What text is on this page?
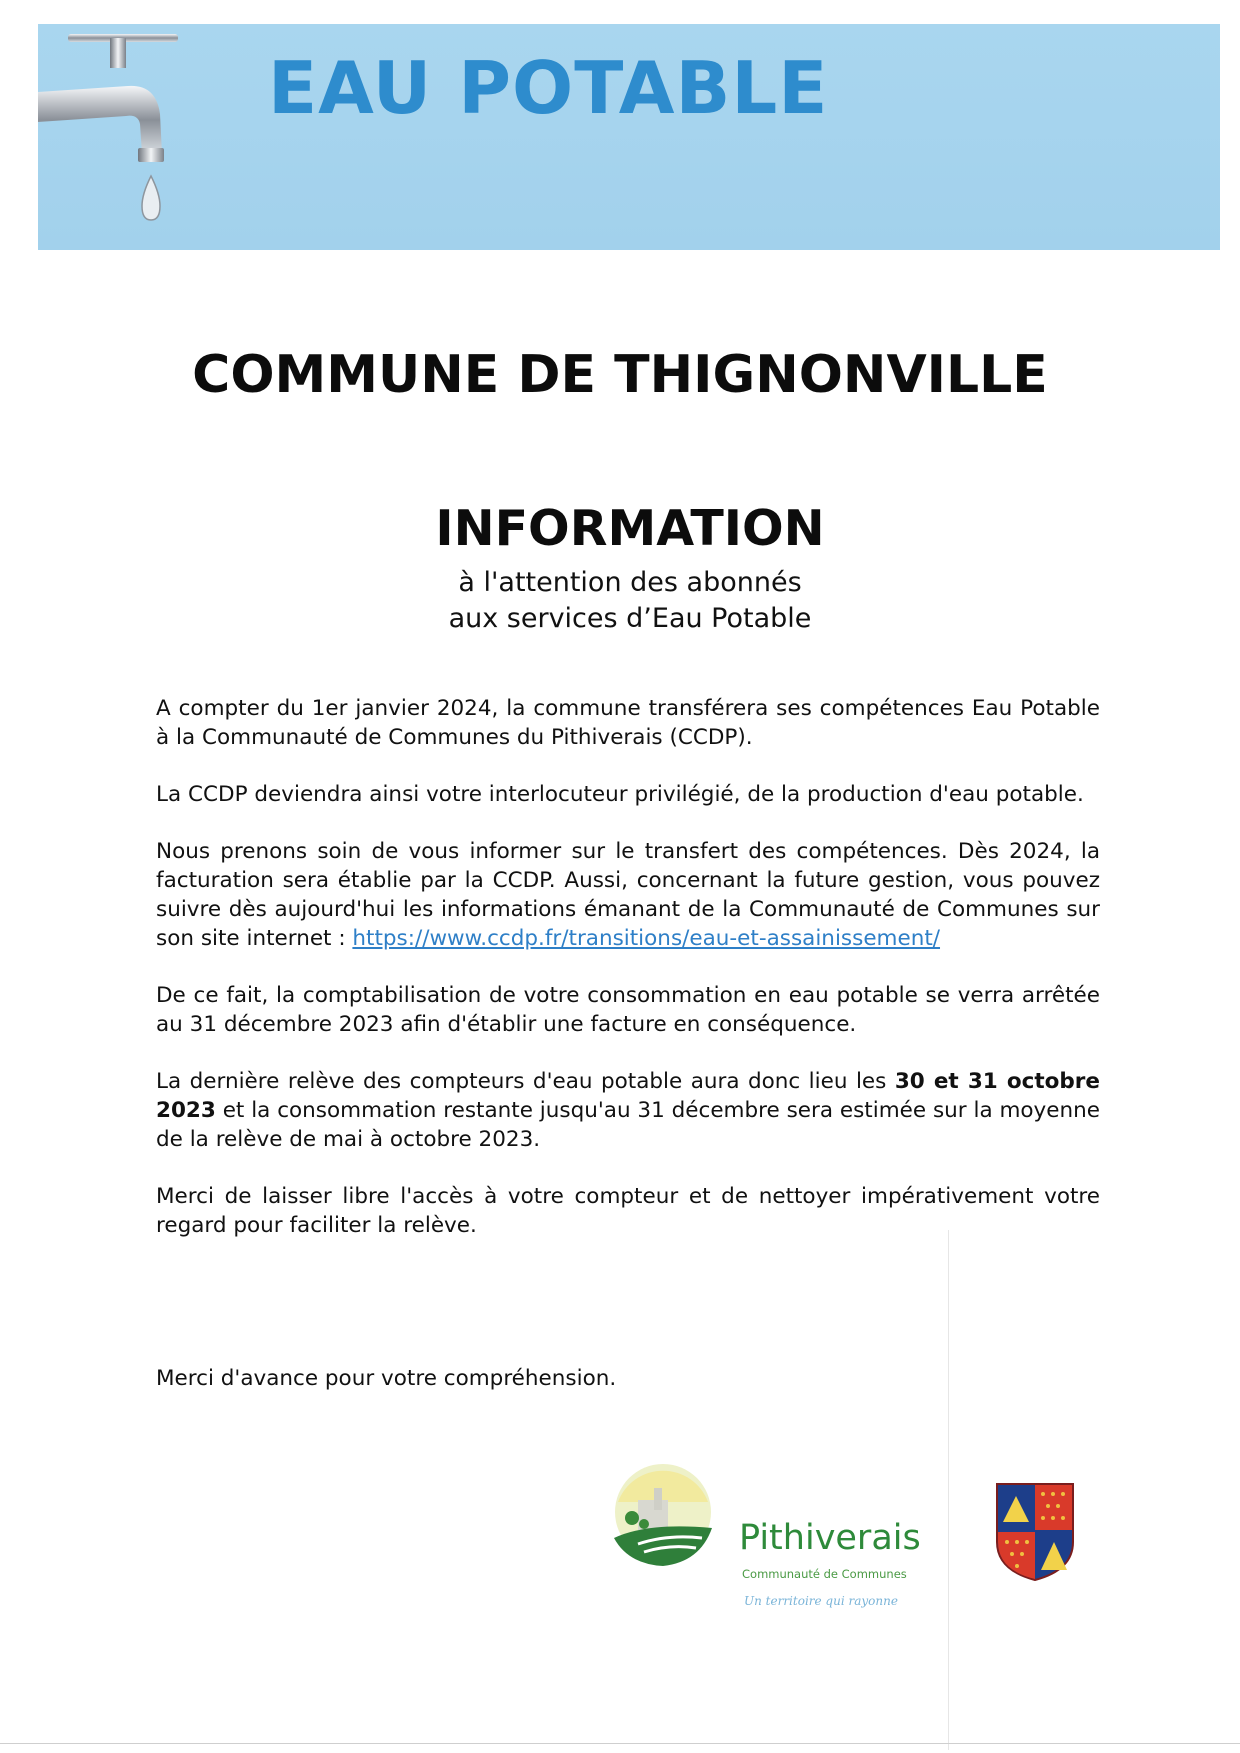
EAU POTABLE
COMMUNE DE THIGNONVILLE
INFORMATION
à l'attention des abonnés
aux services d’Eau Potable

A compter du 1er janvier 2024, la commune transférera ses compétences Eau Potable à la Communauté de Communes du Pithiverais (CCDP).

La CCDP deviendra ainsi votre interlocuteur privilégié, de la production d'eau potable.

Nous prenons soin de vous informer sur le transfert des compétences. Dès 2024, la facturation sera établie par la CCDP. Aussi, concernant la future gestion, vous pouvez suivre dès aujourd'hui les informations émanant de la Communauté de Communes sur son site internet : https://www.ccdp.fr/transitions/eau-et-assainissement/

De ce fait, la comptabilisation de votre consommation en eau potable se verra arrêtée au 31 décembre 2023 afin d'établir une facture en conséquence.

La dernière relève des compteurs d'eau potable aura donc lieu les 30 et 31 octobre 2023 et la consommation restante jusqu'au 31 décembre sera estimée sur la moyenne de la relève de mai à octobre 2023.

Merci de laisser libre l'accès à votre compteur et de nettoyer impérativement votre regard pour faciliter la relève.

Merci d'avance pour votre compréhension.
Pithiverais
Communauté de Communes
Un territoire qui rayonne
